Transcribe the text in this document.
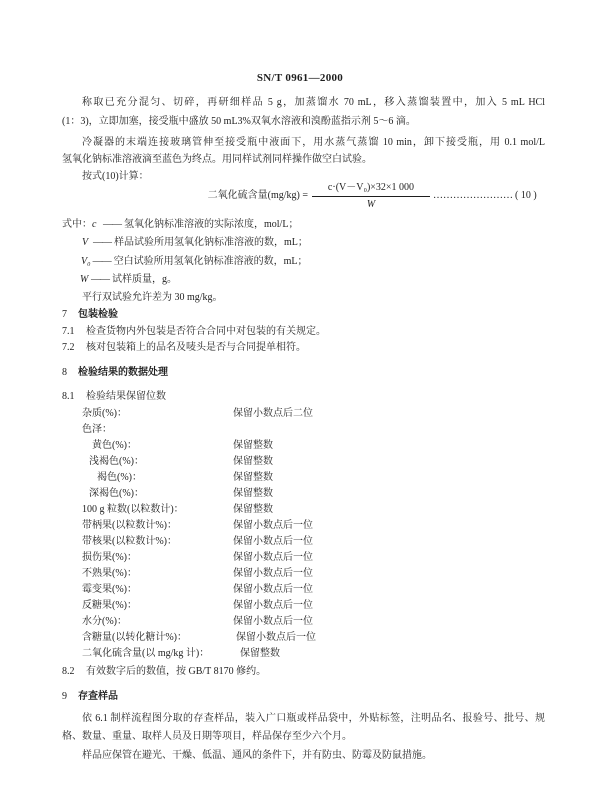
SN/T 0961—2000
称取已充分混匀、切碎，再研细样品 5 g，加蒸馏水 70 mL，移入蒸馏装置中，加入 5 mL HCl
(1：3)，立即加塞，接受瓶中盛放 50 mL3%双氧水溶液和溴酚蓝指示剂 5～6 滴。
冷凝器的末端连接玻璃管伸至接受瓶中液面下，用水蒸气蒸馏 10 min，卸下接受瓶，用 0.1 mol/L
氢氧化钠标准溶液滴至蓝色为终点。用同样试剂同样操作做空白试验。
按式(10)计算：
二氧化硫含量(mg/kg) =
c·(V－V₀)×32×1 000
W
…………………… ( 10 )
式中：c —— 氢氧化钠标准溶液的实际浓度，mol/L；
V —— 样品试验所用氢氧化钠标准溶液的数，mL；
V₀ —— 空白试验所用氢氧化钠标准溶液的数，mL；
W —— 试样质量，g。
平行双试验允许差为 30 mg/kg。
7 包装检验
7.1 检查货物内外包装是否符合合同中对包装的有关规定。
7.2 核对包装箱上的品名及唛头是否与合同提单相符。
8 检验结果的数据处理
8.1 检验结果保留位数
杂质(%)：	保留小数点后二位
色泽：
黄色(%)：	保留整数
浅褐色(%)：	保留整数
褐色(%)：	保留整数
深褐色(%)：	保留整数
100 g 粒数(以粒数计)：	保留整数
带柄果(以粒数计%)：	保留小数点后一位
带核果(以粒数计%)：	保留小数点后一位
损伤果(%)：	保留小数点后一位
不熟果(%)：	保留小数点后一位
霉变果(%)：	保留小数点后一位
反糖果(%)：	保留小数点后一位
水分(%)：	保留小数点后一位
含糖量(以转化糖计%)：	保留小数点后一位
二氧化硫含量(以 mg/kg 计)：	保留整数
8.2 有效数字后的数值，按 GB/T 8170 修约。
9 存查样品
依 6.1 制样流程图分取的存查样品，装入广口瓶或样品袋中，外贴标签，注明品名、报验号、批号、规
格、数量、重量、取样人员及日期等项目，样品保存至少六个月。
样品应保管在避光、干燥、低温、通风的条件下，并有防虫、防霉及防鼠措施。
